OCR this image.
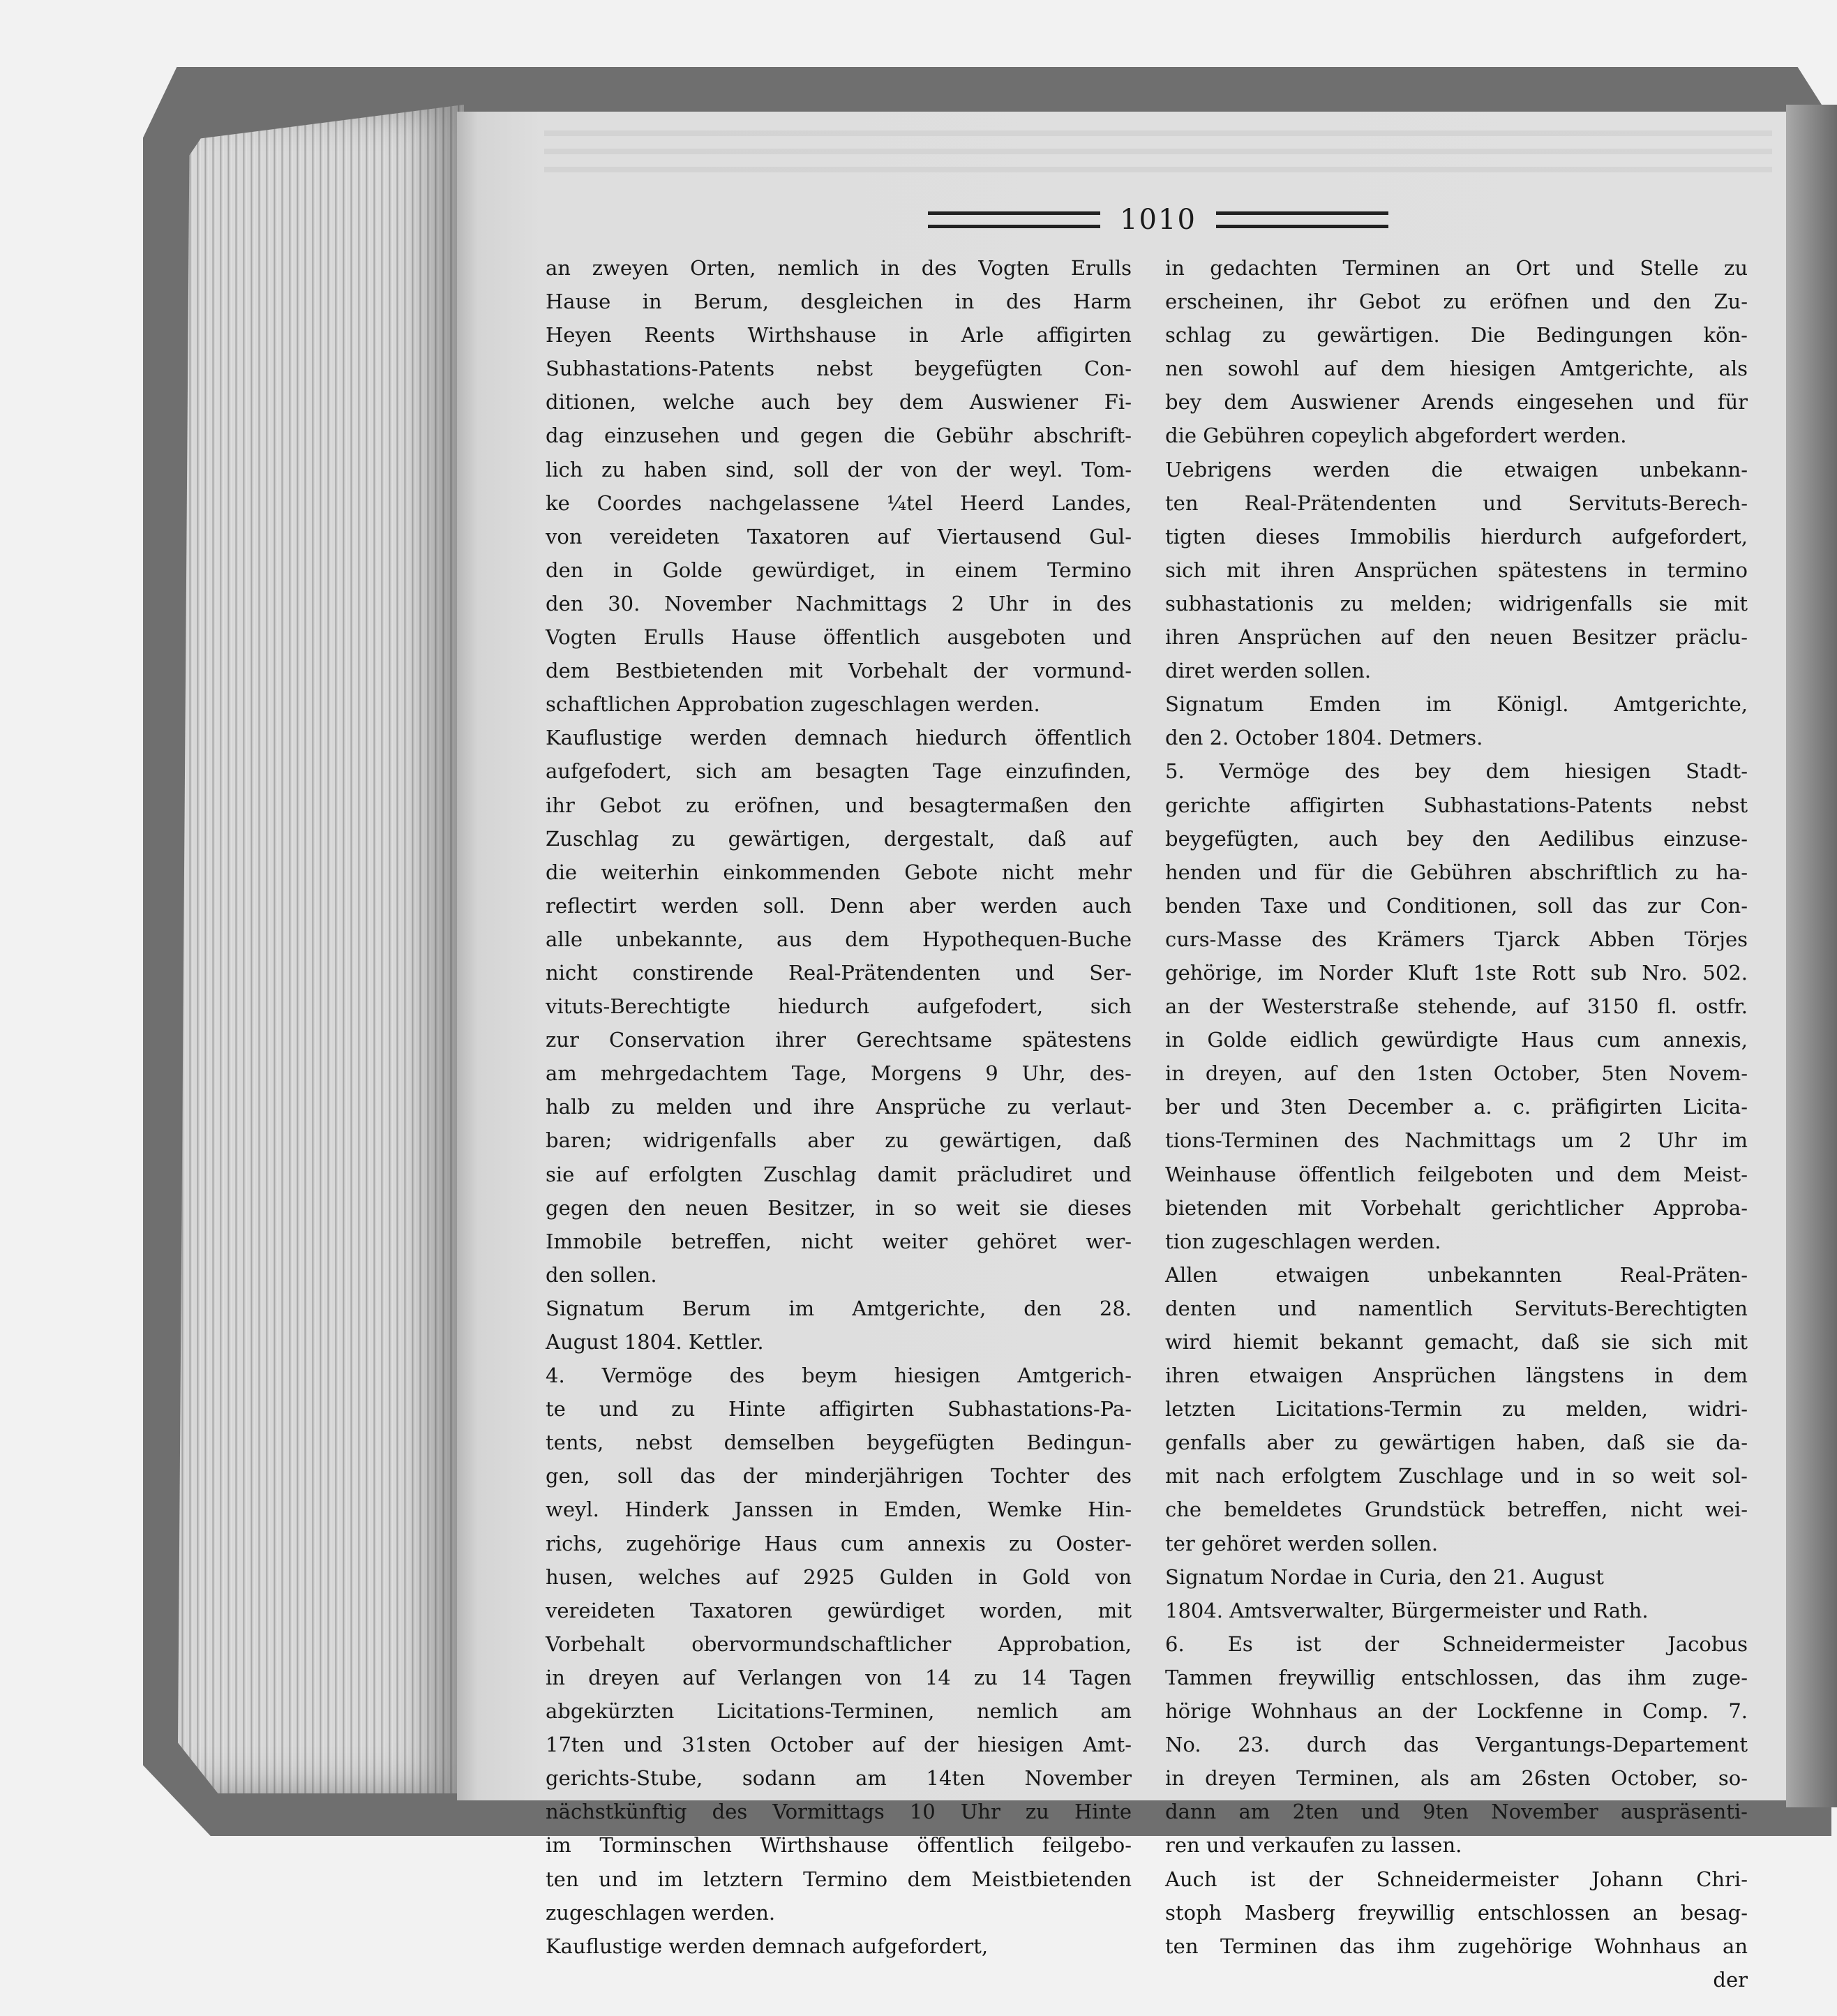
1010
an zweyen Orten, nemlich in des Vogten Erulls
Hause in Berum, desgleichen in des Harm
Heyen Reents Wirthshause in Arle affigirten
Subhastations-Patents nebst beygefügten Con-
ditionen, welche auch bey dem Auswiener Fi-
dag einzusehen und gegen die Gebühr abschrift-
lich zu haben sind, soll der von der weyl. Tom-
ke Coordes nachgelassene ¼tel Heerd Landes,
von vereideten Taxatoren auf Viertausend Gul-
den in Golde gewürdiget, in einem Termino
den 30. November Nachmittags 2 Uhr in des
Vogten Erulls Hause öffentlich ausgeboten und
dem Bestbietenden mit Vorbehalt der vormund-
schaftlichen Approbation zugeschlagen werden.
Kauflustige werden demnach hiedurch öffentlich
aufgefodert, sich am besagten Tage einzufinden,
ihr Gebot zu eröfnen, und besagtermaßen den
Zuschlag zu gewärtigen, dergestalt, daß auf
die weiterhin einkommenden Gebote nicht mehr
reflectirt werden soll. Denn aber werden auch
alle unbekannte, aus dem Hypothequen-Buche
nicht constirende Real-Prätendenten und Ser-
vituts-Berechtigte hiedurch aufgefodert, sich
zur Conservation ihrer Gerechtsame spätestens
am mehrgedachtem Tage, Morgens 9 Uhr, des-
halb zu melden und ihre Ansprüche zu verlaut-
baren; widrigenfalls aber zu gewärtigen, daß
sie auf erfolgten Zuschlag damit präcludiret und
gegen den neuen Besitzer, in so weit sie dieses
Immobile betreffen, nicht weiter gehöret wer-
den sollen.
Signatum Berum im Amtgerichte, den 28.
August 1804. Kettler.
4. Vermöge des beym hiesigen Amtgerich-
te und zu Hinte affigirten Subhastations-Pa-
tents, nebst demselben beygefügten Bedingun-
gen, soll das der minderjährigen Tochter des
weyl. Hinderk Janssen in Emden, Wemke Hin-
richs, zugehörige Haus cum annexis zu Ooster-
husen, welches auf 2925 Gulden in Gold von
vereideten Taxatoren gewürdiget worden, mit
Vorbehalt obervormundschaftlicher Approbation,
in dreyen auf Verlangen von 14 zu 14 Tagen
abgekürzten Licitations-Terminen, nemlich am
17ten und 31sten October auf der hiesigen Amt-
gerichts-Stube, sodann am 14ten November
nächstkünftig des Vormittags 10 Uhr zu Hinte
im Torminschen Wirthshause öffentlich feilgebo-
ten und im letztern Termino dem Meistbietenden
zugeschlagen werden.
Kauflustige werden demnach aufgefordert,
in gedachten Terminen an Ort und Stelle zu
erscheinen, ihr Gebot zu eröfnen und den Zu-
schlag zu gewärtigen. Die Bedingungen kön-
nen sowohl auf dem hiesigen Amtgerichte, als
bey dem Auswiener Arends eingesehen und für
die Gebühren copeylich abgefordert werden.
Uebrigens werden die etwaigen unbekann-
ten Real-Prätendenten und Servituts-Berech-
tigten dieses Immobilis hierdurch aufgefordert,
sich mit ihren Ansprüchen spätestens in termino
subhastationis zu melden; widrigenfalls sie mit
ihren Ansprüchen auf den neuen Besitzer präclu-
diret werden sollen.
Signatum Emden im Königl. Amtgerichte,
den 2. October 1804. Detmers.
5. Vermöge des bey dem hiesigen Stadt-
gerichte affigirten Subhastations-Patents nebst
beygefügten, auch bey den Aedilibus einzuse-
henden und für die Gebühren abschriftlich zu ha-
benden Taxe und Conditionen, soll das zur Con-
curs-Masse des Krämers Tjarck Abben Törjes
gehörige, im Norder Kluft 1ste Rott sub Nro. 502.
an der Westerstraße stehende, auf 3150 fl. ostfr.
in Golde eidlich gewürdigte Haus cum annexis,
in dreyen, auf den 1sten October, 5ten Novem-
ber und 3ten December a. c. präfigirten Licita-
tions-Terminen des Nachmittags um 2 Uhr im
Weinhause öffentlich feilgeboten und dem Meist-
bietenden mit Vorbehalt gerichtlicher Approba-
tion zugeschlagen werden.
Allen etwaigen unbekannten Real-Präten-
denten und namentlich Servituts-Berechtigten
wird hiemit bekannt gemacht, daß sie sich mit
ihren etwaigen Ansprüchen längstens in dem
letzten Licitations-Termin zu melden, widri-
genfalls aber zu gewärtigen haben, daß sie da-
mit nach erfolgtem Zuschlage und in so weit sol-
che bemeldetes Grundstück betreffen, nicht wei-
ter gehöret werden sollen.
Signatum Nordae in Curia, den 21. August
1804. Amtsverwalter, Bürgermeister und Rath.
6. Es ist der Schneidermeister Jacobus
Tammen freywillig entschlossen, das ihm zuge-
hörige Wohnhaus an der Lockfenne in Comp. 7.
No. 23. durch das Vergantungs-Departement
in dreyen Terminen, als am 26sten October, so-
dann am 2ten und 9ten November auspräsenti-
ren und verkaufen zu lassen.
Auch ist der Schneidermeister Johann Chri-
stoph Masberg freywillig entschlossen an besag-
ten Terminen das ihm zugehörige Wohnhaus an
der
